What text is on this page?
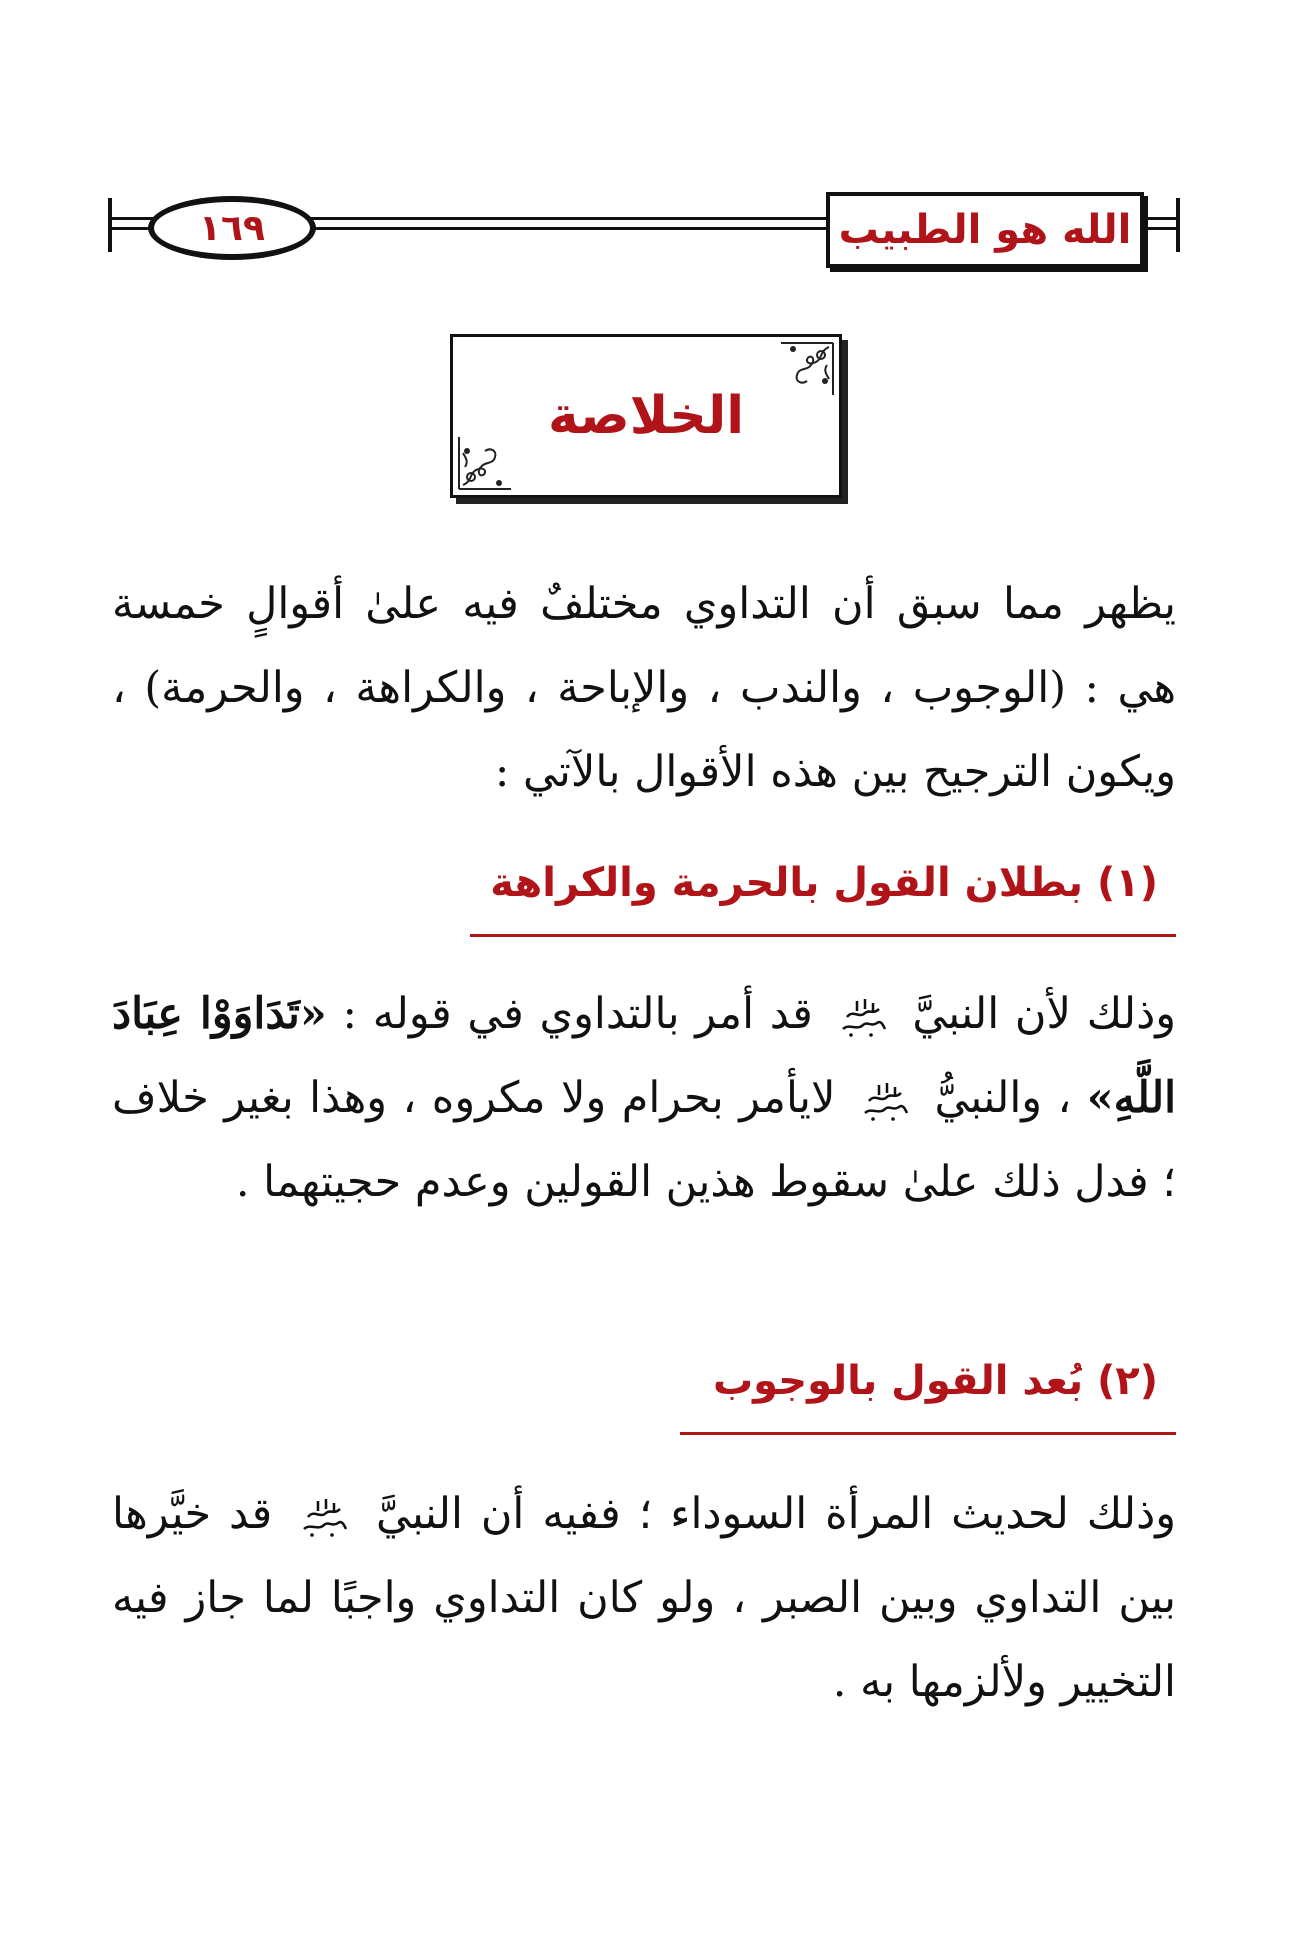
١٦٩	الله هو الطبيب
الخلاصة

يظهر مما سبق أن التداوي مختلفٌ فيه علىٰ أقوالٍ خمسة هي : (الوجوب ، والندب ، والإباحة ، والكراهة ، والحرمة) ، ويكون الترجيح بين هذه الأقوال بالآتي :

(١) بطلان القول بالحرمة والكراهة

وذلك لأن النبيَّ  قد أمر بالتداوي في قوله : «تَدَاوَوْا عِبَادَ اللَّهِ» ، والنبيُّ  لايأمر بحرام ولا مكروه ، وهذا بغير خلاف ؛ فدل ذلك علىٰ سقوط هذين القولين وعدم حجيتهما .

(٢) بُعد القول بالوجوب

وذلك لحديث المرأة السوداء ؛ ففيه أن النبيَّ  قد خيَّرها بين التداوي وبين الصبر ، ولو كان التداوي واجبًا لما جاز فيه التخيير ولألزمها به .
